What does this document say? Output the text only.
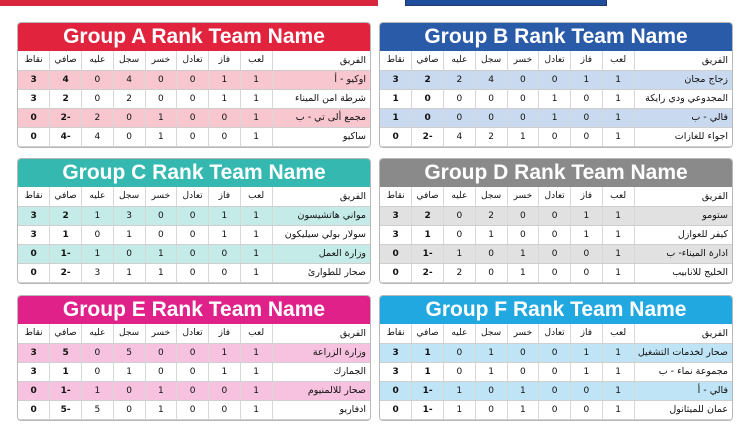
Group A Rank Team Name
الفريق	لعب	فاز	تعادل	خسر	سجل	عليه	صافي	نقاط
اوكيو - أ	1	1	0	0	4	0	4	3
شرطة امن الميناء	1	1	0	0	2	0	2	3
مجمع ألى تي - ب	1	0	0	1	0	2	-2	0
ساكيو	1	0	0	1	0	4	-4	0
Group B Rank Team Name
الفريق	لعب	فاز	تعادل	خسر	سجل	عليه	صافي	نقاط
زجاج مجان	1	1	0	0	4	2	2	3
المجدوعي ودي رايكة	1	0	1	0	0	0	0	1
فالي - ب	1	0	1	0	0	0	0	1
اجواء للغازات	1	0	0	1	2	4	-2	0
Group C Rank Team Name
الفريق	لعب	فاز	تعادل	خسر	سجل	عليه	صافي	نقاط
مواني هاتشيسون	1	1	0	0	3	1	2	3
سولار بولي سيليكون	1	1	0	0	1	0	1	3
وزارة العمل	1	0	0	1	0	1	-1	0
صحار للطوارئ	1	0	0	1	1	3	-2	0
Group D Rank Team Name
الفريق	لعب	فاز	تعادل	خسر	سجل	عليه	صافي	نقاط
ستومو	1	1	0	0	2	0	2	3
كيفر للعوازل	1	1	0	0	1	0	1	3
ادارة الميناء- ب	1	0	0	1	0	1	-1	0
الخليج للانابيب	1	0	0	1	0	2	-2	0
Group E Rank Team Name
الفريق	لعب	فاز	تعادل	خسر	سجل	عليه	صافي	نقاط
وزارة الزراعة	1	1	0	0	5	0	5	3
الجمارك	1	1	0	0	1	0	1	3
صحار للالمنيوم	1	0	0	1	0	1	-1	0
ادفاريو	1	0	0	1	0	5	-5	0
Group F Rank Team Name
الفريق	لعب	فاز	تعادل	خسر	سجل	عليه	صافي	نقاط
صحار لخدمات التشغيل	1	1	0	0	1	0	1	3
مجموعة نماء - ب	1	1	0	0	1	0	1	3
فالي - أ	1	0	0	1	0	1	-1	0
عمان للميثانول	1	0	0	1	0	1	-1	0
